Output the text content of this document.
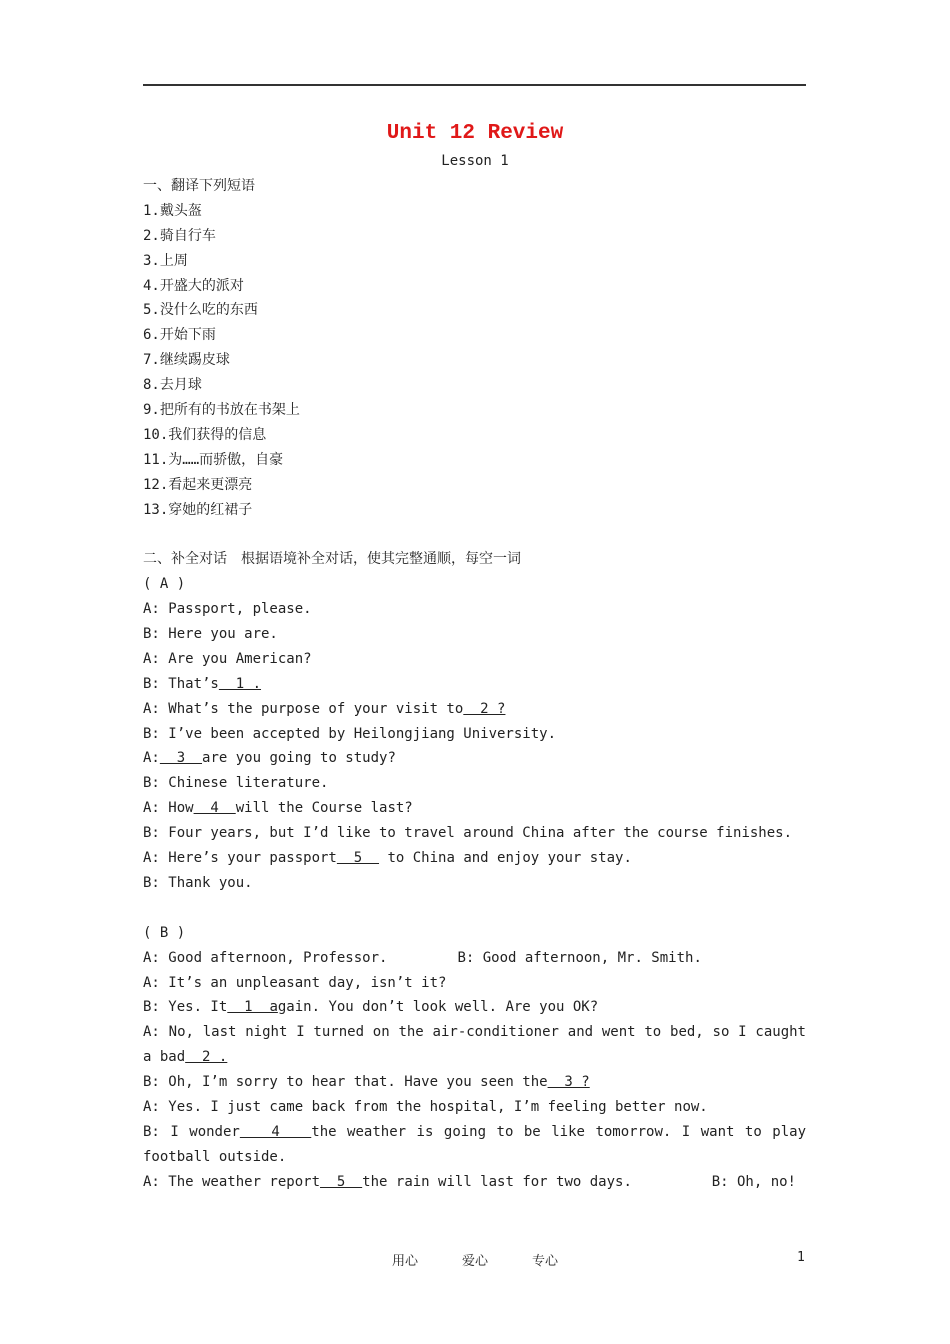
Unit 12 Review
Lesson 1
一、翻译下列短语
1.戴头盔
2.骑自行车
3.上周
4.开盛大的派对
5.没什么吃的东西
6.开始下雨
7.继续踢皮球
8.去月球
9.把所有的书放在书架上
10.我们获得的信息
11.为……而骄傲，自豪
12.看起来更漂亮
13.穿她的红裙子
二、补全对话　根据语境补全对话，使其完整通顺，每空一词
( A )
A: Passport, please.
B: Here you are.
A: Are you American?
B: That’s  1 .
A: What’s the purpose of your visit to  2 ?
B: I’ve been accepted by Heilongjiang University.
A:  3  are you going to study?
B: Chinese literature.
A: How  4  will the Course last?
B: Four years, but I’d like to travel around China after the course finishes.
A: Here’s your passport  5   to China and enjoy your stay.
B: Thank you.
( B )
A: Good afternoon, Professor.	B: Good afternoon, Mr. Smith.
A: It’s an unpleasant day, isn’t it?
B: Yes. It  1  again. You don’t look well. Are you OK?
A: No, last night I turned on the air-conditioner and went to bed, so I caught
a bad  2 .
B: Oh, I’m sorry to hear that. Have you seen the  3 ?
A: Yes. I just came back from the hospital, I’m feeling better now.
B: I wonder   4   the weather is going to be like tomorrow. I want to play
football outside.
A: The weather report  5  the rain will last for two days.	B: Oh, no!
用心	爱心	专心	1
